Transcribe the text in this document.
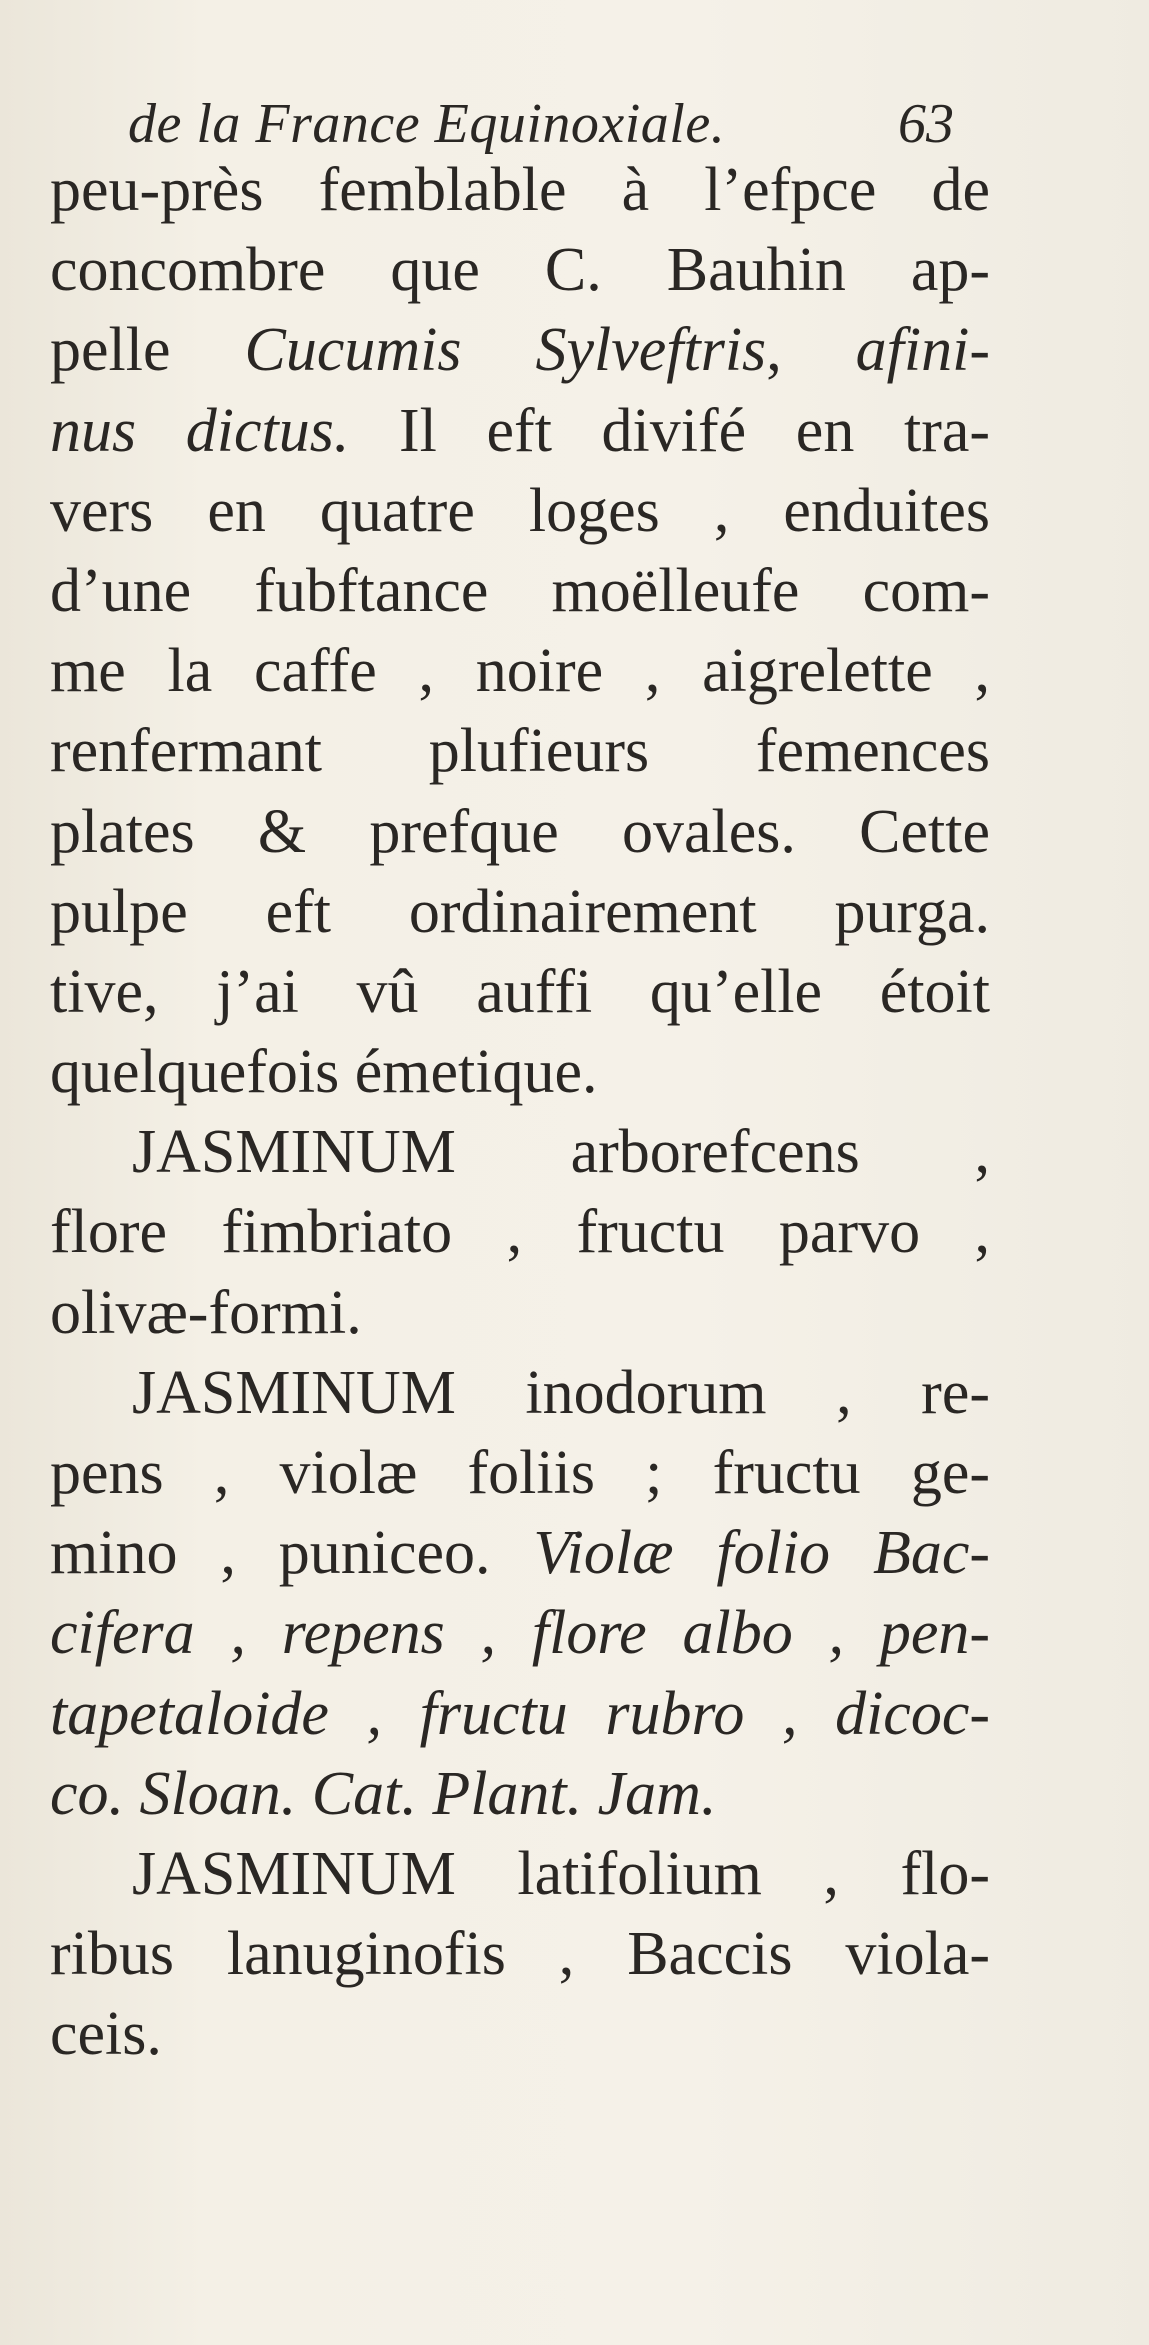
de la France Equinoxiale.	63
peu-près femblable à l’efpce de
concombre que C. Bauhin ap-
pelle Cucumis Sylveftris, afini-
nus dictus. Il eft divifé en tra-
vers en quatre loges , enduites
d’une fubftance moëlleufe com-
me la caffe , noire , aigrelette ,
renfermant plufieurs femences
plates & prefque ovales. Cette
pulpe eft ordinairement purga.
tive, j’ai vû auffi qu’elle étoit
quelquefois émetique.
JASMINUM arborefcens ,
flore fimbriato , fructu parvo ,
olivæ-formi.
JASMINUM inodorum , re-
pens , violæ foliis ; fructu ge-
mino , puniceo. Violæ folio Bac-
cifera , repens , flore albo , pen-
tapetaloide , fructu rubro , dicoc-
co. Sloan. Cat. Plant. Jam.
JASMINUM latifolium , flo-
ribus lanuginofis , Baccis viola-
ceis.
